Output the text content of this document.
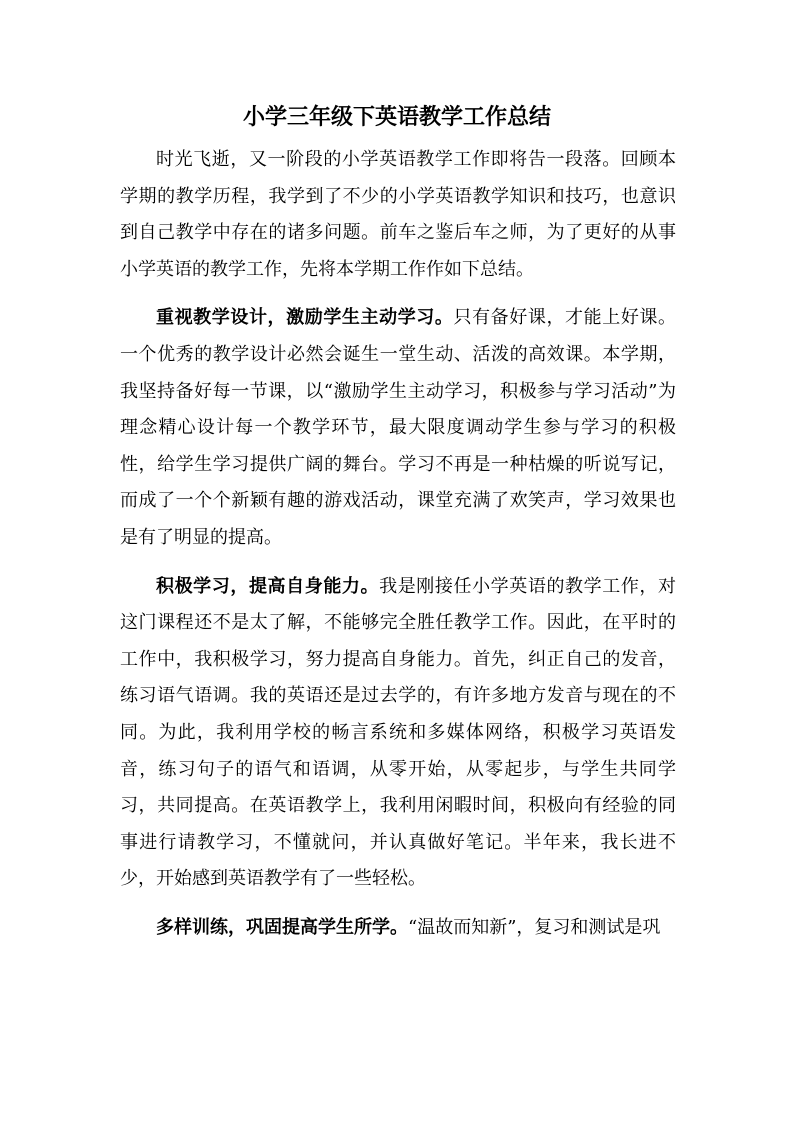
小学三年级下英语教学工作总结

时光飞逝，又一阶段的小学英语教学工作即将告一段落。回顾本学期的教学历程，我学到了不少的小学英语教学知识和技巧，也意识到自己教学中存在的诸多问题。前车之鉴后车之师，为了更好的从事小学英语的教学工作，先将本学期工作作如下总结。

重视教学设计，激励学生主动学习。只有备好课，才能上好课。一个优秀的教学设计必然会诞生一堂生动、活泼的高效课。本学期，我坚持备好每一节课，以“激励学生主动学习，积极参与学习活动”为理念精心设计每一个教学环节，最大限度调动学生参与学习的积极性，给学生学习提供广阔的舞台。学习不再是一种枯燥的听说写记，而成了一个个新颖有趣的游戏活动，课堂充满了欢笑声，学习效果也是有了明显的提高。

积极学习，提高自身能力。我是刚接任小学英语的教学工作，对这门课程还不是太了解，不能够完全胜任教学工作。因此，在平时的工作中，我积极学习，努力提高自身能力。首先，纠正自己的发音，练习语气语调。我的英语还是过去学的，有许多地方发音与现在的不同。为此，我利用学校的畅言系统和多媒体网络，积极学习英语发音，练习句子的语气和语调，从零开始，从零起步，与学生共同学习，共同提高。在英语教学上，我利用闲暇时间，积极向有经验的同事进行请教学习，不懂就问，并认真做好笔记。半年来，我长进不少，开始感到英语教学有了一些轻松。

多样训练，巩固提高学生所学。“温故而知新”，复习和测试是巩
